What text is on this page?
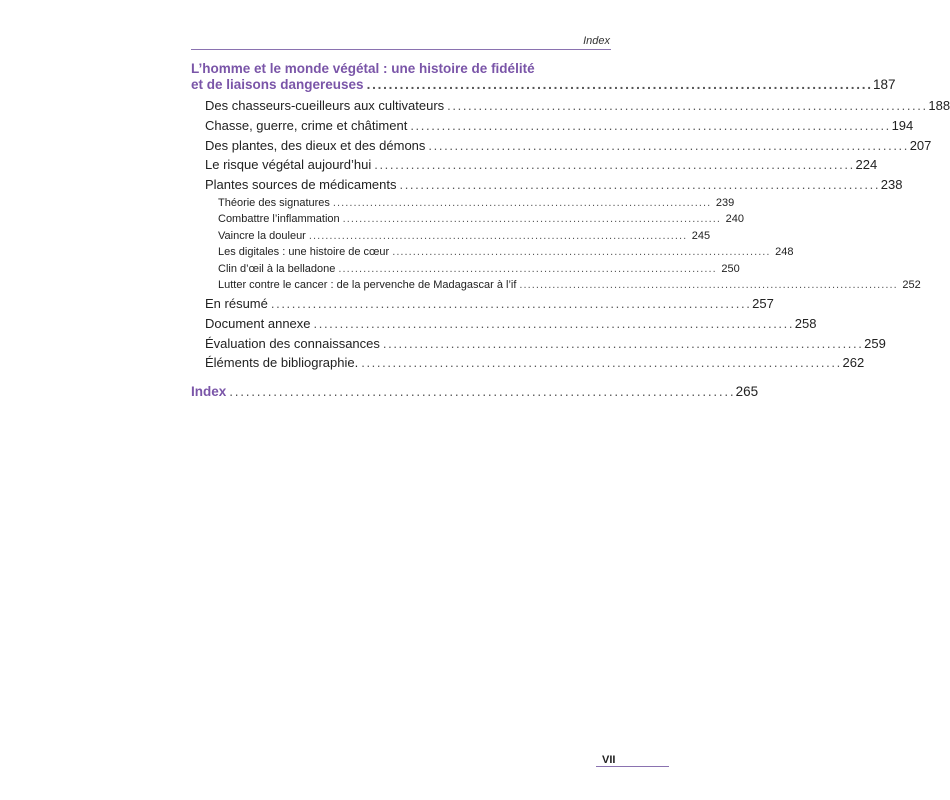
Index
L’homme et le monde végétal : une histoire de fidélité
et de liaisons dangereuses . . .	187
Des chasseurs-cueilleurs aux cultivateurs . . .	188
Chasse, guerre, crime et châtiment . . .	194
Des plantes, des dieux et des démons . . .	207
Le risque végétal aujourd’hui . . .	224
Plantes sources de médicaments . . .	238
Théorie des signatures . . .	239
Combattre l’inflammation . . .	240
Vaincre la douleur . . .	245
Les digitales : une histoire de cœur . . .	248
Clin d’œil à la belladone . . .	250
Lutter contre le cancer : de la pervenche de Madagascar à l’if . . .	252
En résumé . . .	257
Document annexe . . .	258
Évaluation des connaissances . . .	259
Éléments de bibliographie. . . .	262
Index . . .	265
VII
